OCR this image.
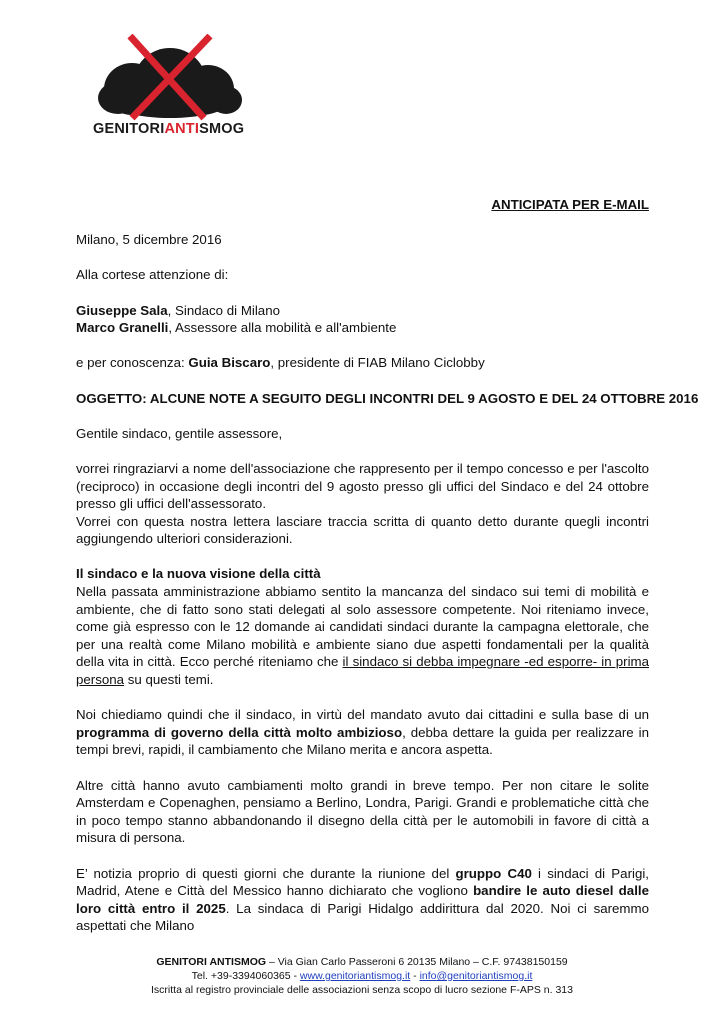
GENITORIANTISMOG

ANTICIPATA PER E-MAIL

Milano, 5 dicembre 2016

Alla cortese attenzione di:

Giuseppe Sala, Sindaco di Milano

Marco Granelli, Assessore alla mobilità e all'ambiente

e per conoscenza: Guia Biscaro, presidente di FIAB Milano Ciclobby

OGGETTO: ALCUNE NOTE A SEGUITO DEGLI INCONTRI DEL 9 AGOSTO E DEL 24 OTTOBRE 2016

Gentile sindaco, gentile assessore,

vorrei ringraziarvi a nome dell'associazione che rappresento per il tempo concesso e per l'ascolto (reciproco) in occasione degli incontri del 9 agosto presso gli uffici del Sindaco e del 24 ottobre presso gli uffici dell'assessorato.

Vorrei con questa nostra lettera lasciare traccia scritta di quanto detto durante quegli incontri aggiungendo ulteriori considerazioni.

Il sindaco e la nuova visione della città

Nella passata amministrazione abbiamo sentito la mancanza del sindaco sui temi di mobilità e ambiente, che di fatto sono stati delegati al solo assessore competente. Noi riteniamo invece, come già espresso con le 12 domande ai candidati sindaci durante la campagna elettorale, che per una realtà come Milano mobilità e ambiente siano due aspetti fondamentali per la qualità della vita in città. Ecco perché riteniamo che il sindaco si debba impegnare -ed esporre- in prima persona su questi temi.

Noi chiediamo quindi che il sindaco, in virtù del mandato avuto dai cittadini e sulla base di un programma di governo della città molto ambizioso, debba dettare la guida per realizzare in tempi brevi, rapidi, il cambiamento che Milano merita e ancora aspetta.

Altre città hanno avuto cambiamenti molto grandi in breve tempo. Per non citare le solite Amsterdam e Copenaghen, pensiamo a Berlino, Londra, Parigi. Grandi e problematiche città che in poco tempo stanno abbandonando il disegno della città per le automobili in favore di città a misura di persona.

E’ notizia proprio di questi giorni che durante la riunione del gruppo C40 i sindaci di Parigi, Madrid, Atene e Città del Messico hanno dichiarato che vogliono bandire le auto diesel dalle loro città entro il 2025. La sindaca di Parigi Hidalgo addirittura dal 2020. Noi ci saremmo aspettati che Milano

GENITORI ANTISMOG – Via Gian Carlo Passeroni 6 20135 Milano – C.F. 97438150159
Tel. +39-3394060365 - www.genitoriantismog.it - info@genitoriantismog.it
Iscritta al registro provinciale delle associazioni senza scopo di lucro sezione F-APS n. 313
